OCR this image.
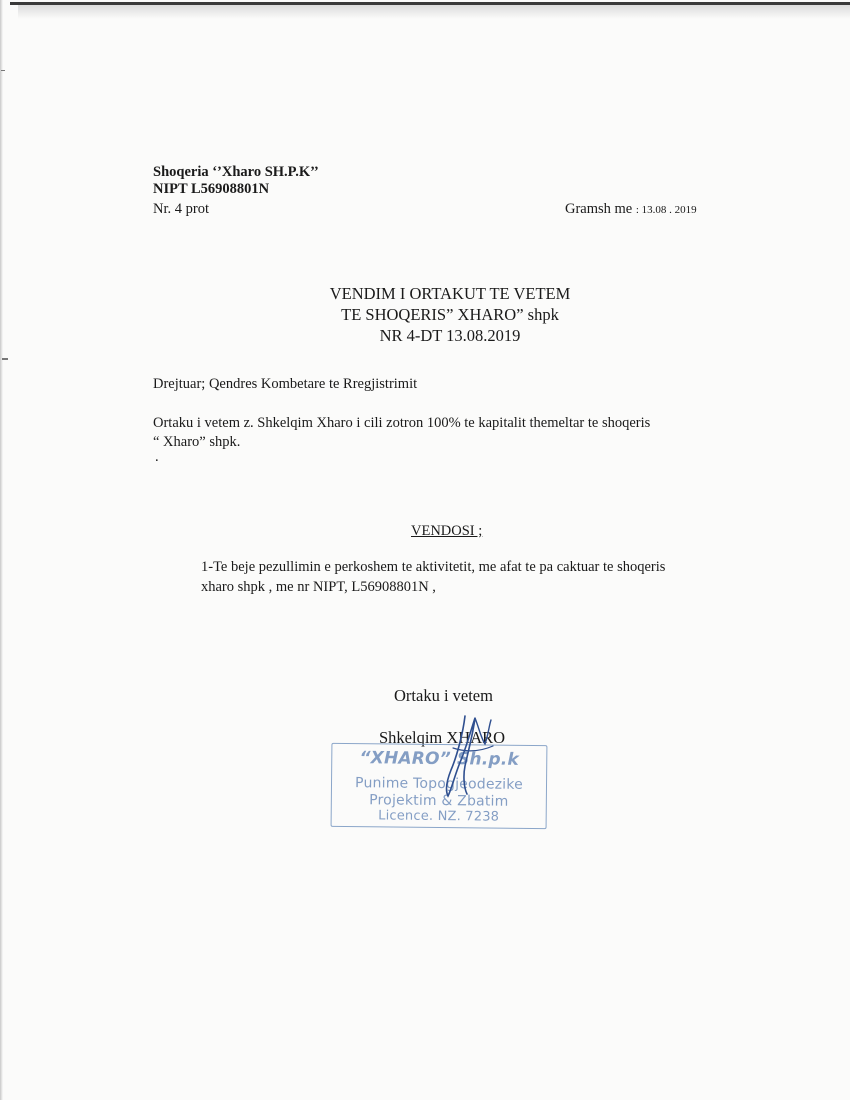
Shoqeria ‘’Xharo SH.P.K’’
NIPT L56908801N
Nr. 4 prot	Gramsh me : 13.08 . 2019
VENDIM I ORTAKUT TE VETEM
TE SHOQERIS” XHARO” shpk
NR 4-DT 13.08.2019
Drejtuar; Qendres Kombetare te Rregjistrimit
Ortaku i vetem z. Shkelqim Xharo i cili zotron 100% te kapitalit themeltar te shoqeris
“ Xharo” shpk.
.
VENDOSI ;
1-Te beje pezullimin e perkoshem te aktivitetit, me afat te pa caktuar te shoqeris
xharo shpk , me nr NIPT, L56908801N ,
Ortaku i vetem
Shkelqim XHARO
“XHARO” Sh.p.k
Punime Topogjeodezike
Projektim & Zbatim
Licence. NZ. 7238
